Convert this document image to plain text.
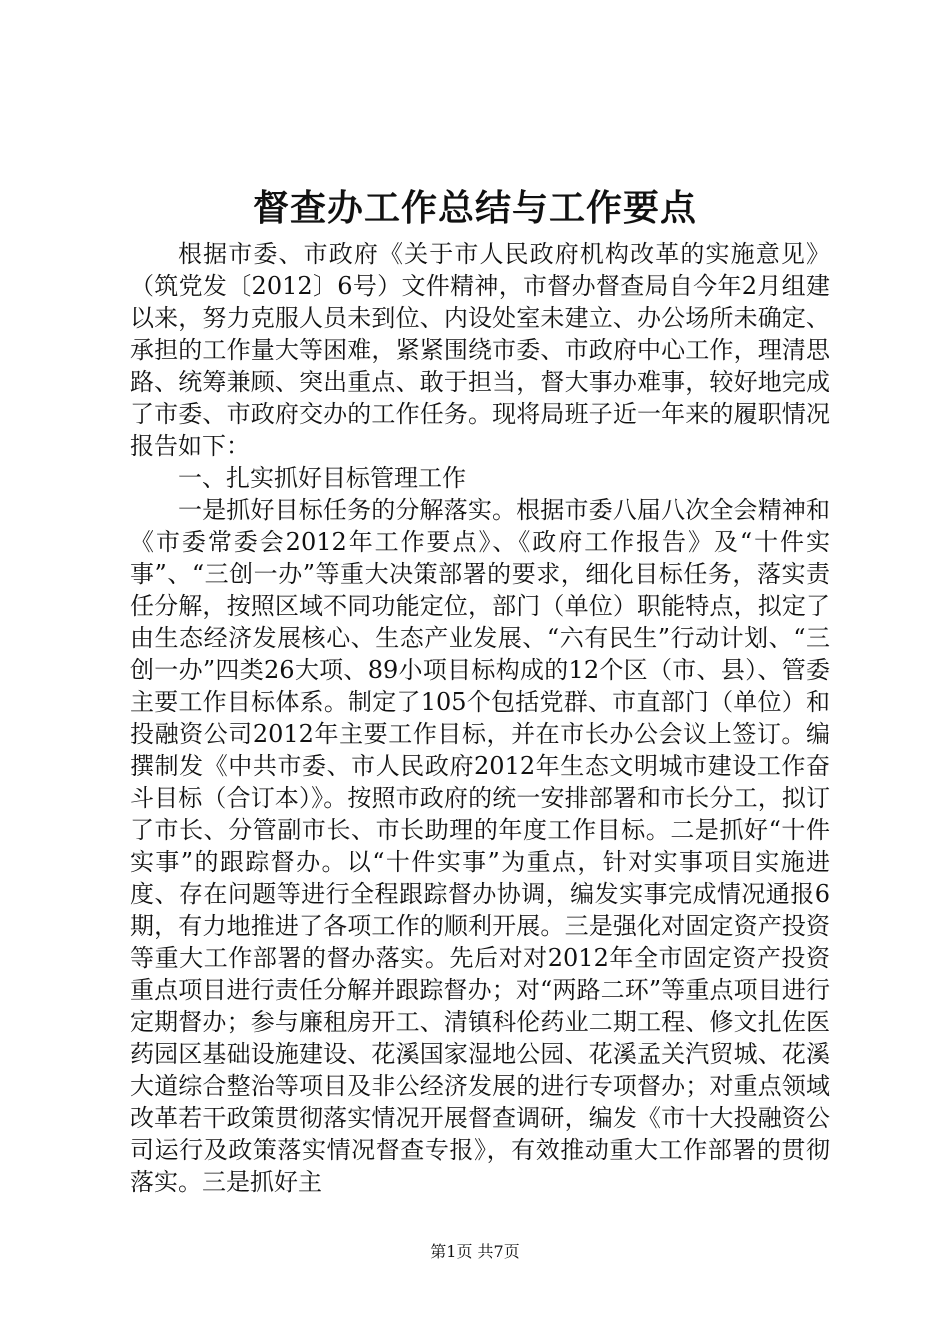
督查办工作总结与工作要点

根据市委、市政府《关于市人民政府机构改革的实施意见》（筑党发〔2012〕6号）文件精神，市督办督查局自今年2月组建以来，努力克服人员未到位、内设处室未建立、办公场所未确定、承担的工作量大等困难，紧紧围绕市委、市政府中心工作，理清思路、统筹兼顾、突出重点、敢于担当，督大事办难事，较好地完成了市委、市政府交办的工作任务。现将局班子近一年来的履职情况报告如下：

一、扎实抓好目标管理工作

一是抓好目标任务的分解落实。根据市委八届八次全会精神和《市委常委会2012年工作要点》、《政府工作报告》及“十件实事”、“三创一办”等重大决策部署的要求，细化目标任务，落实责任分解，按照区域不同功能定位，部门（单位）职能特点，拟定了由生态经济发展核心、生态产业发展、“六有民生”行动计划、“三创一办”四类26大项、89小项目标构成的12个区（市、县）、管委主要工作目标体系。制定了105个包括党群、市直部门（单位）和投融资公司2012年主要工作目标，并在市长办公会议上签订。编撰制发《中共市委、市人民政府2012年生态文明城市建设工作奋斗目标（合订本）》。按照市政府的统一安排部署和市长分工，拟订了市长、分管副市长、市长助理的年度工作目标。二是抓好“十件实事”的跟踪督办。以“十件实事”为重点，针对实事项目实施进度、存在问题等进行全程跟踪督办协调，编发实事完成情况通报6期，有力地推进了各项工作的顺利开展。三是强化对固定资产投资等重大工作部署的督办落实。先后对对2012年全市固定资产投资重点项目进行责任分解并跟踪督办；对“两路二环”等重点项目进行定期督办；参与廉租房开工、清镇科伦药业二期工程、修文扎佐医药园区基础设施建设、花溪国家湿地公园、花溪孟关汽贸城、花溪大道综合整治等项目及非公经济发展的进行专项督办；对重点领域改革若干政策贯彻落实情况开展督查调研，编发《市十大投融资公司运行及政策落实情况督查专报》，有效推动重大工作部署的贯彻落实。三是抓好主

第1页 共7页
